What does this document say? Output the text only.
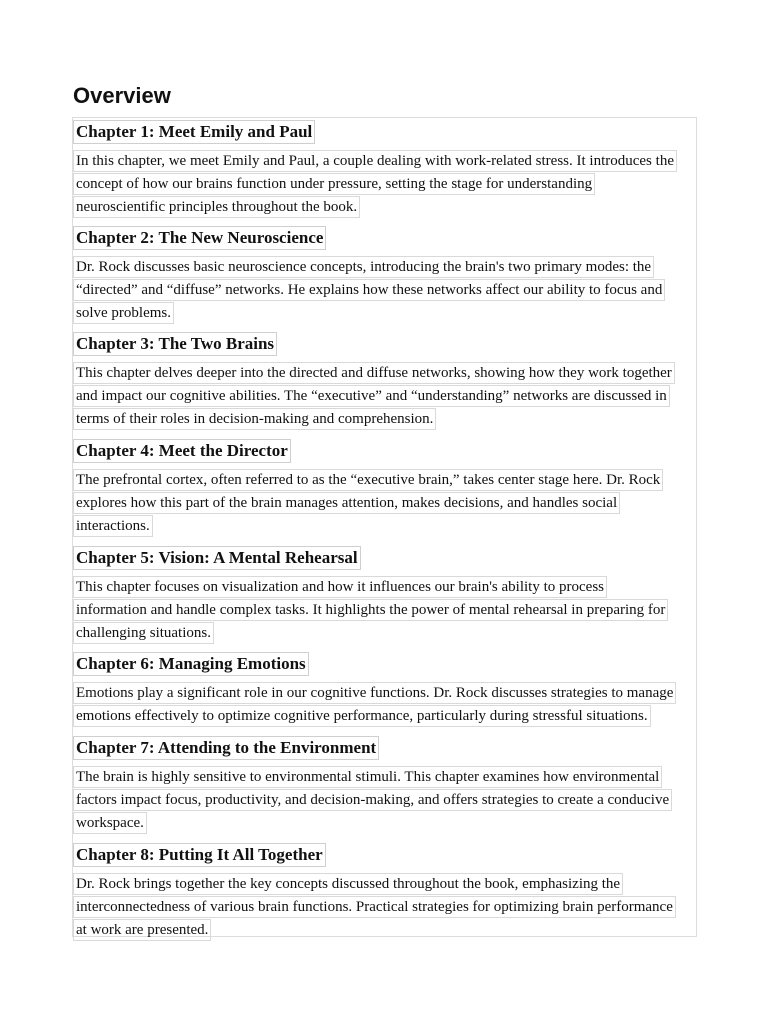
Overview
Chapter 1: Meet Emily and Paul
In this chapter, we meet Emily and Paul, a couple dealing with work-related stress. It introduces the
concept of how our brains function under pressure, setting the stage for understanding
neuroscientific principles throughout the book.
Chapter 2: The New Neuroscience
Dr. Rock discusses basic neuroscience concepts, introducing the brain's two primary modes: the
“directed” and “diffuse” networks. He explains how these networks affect our ability to focus and
solve problems.
Chapter 3: The Two Brains
This chapter delves deeper into the directed and diffuse networks, showing how they work together
and impact our cognitive abilities. The “executive” and “understanding” networks are discussed in
terms of their roles in decision-making and comprehension.
Chapter 4: Meet the Director
The prefrontal cortex, often referred to as the “executive brain,” takes center stage here. Dr. Rock
explores how this part of the brain manages attention, makes decisions, and handles social
interactions.
Chapter 5: Vision: A Mental Rehearsal
This chapter focuses on visualization and how it influences our brain's ability to process
information and handle complex tasks. It highlights the power of mental rehearsal in preparing for
challenging situations.
Chapter 6: Managing Emotions
Emotions play a significant role in our cognitive functions. Dr. Rock discusses strategies to manage
emotions effectively to optimize cognitive performance, particularly during stressful situations.
Chapter 7: Attending to the Environment
The brain is highly sensitive to environmental stimuli. This chapter examines how environmental
factors impact focus, productivity, and decision-making, and offers strategies to create a conducive
workspace.
Chapter 8: Putting It All Together
Dr. Rock brings together the key concepts discussed throughout the book, emphasizing the
interconnectedness of various brain functions. Practical strategies for optimizing brain performance
at work are presented.
